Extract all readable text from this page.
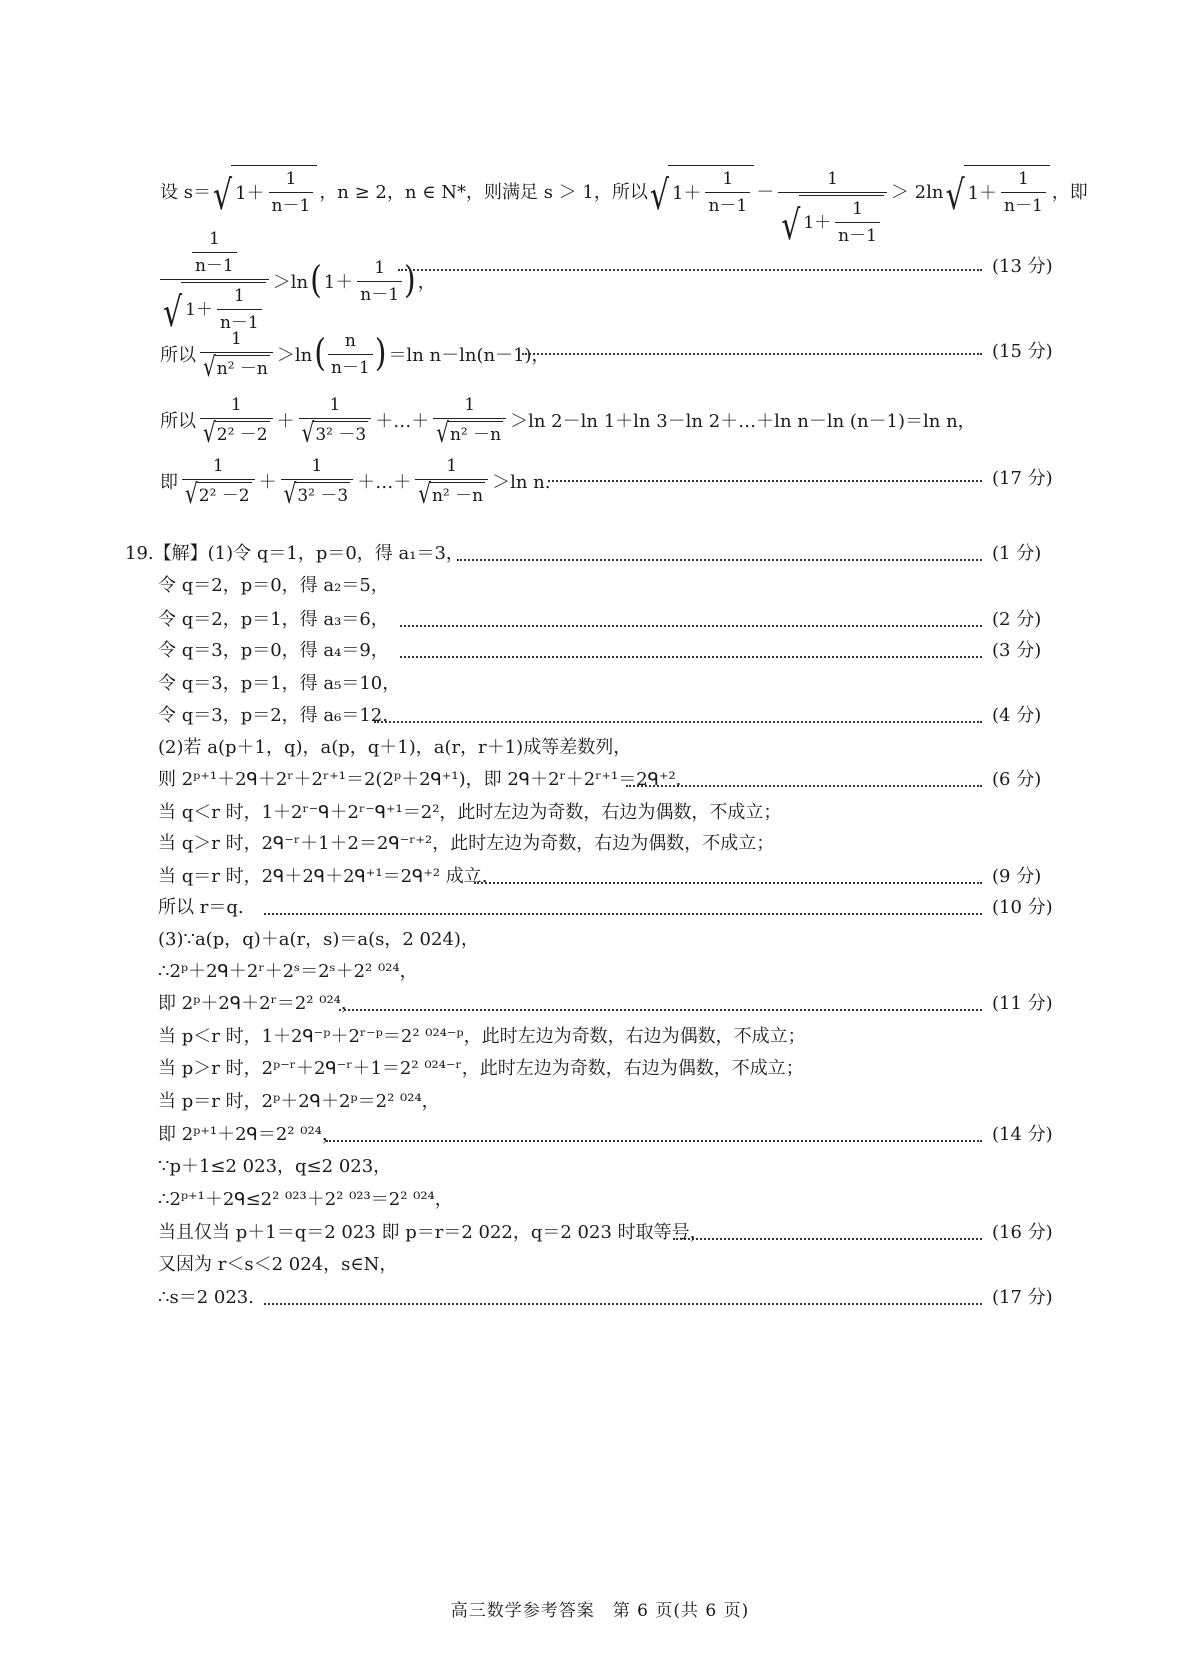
设 s＝ √ $1+ \frac{1}{n-1}$ ，n ≥ 2，n ∈ N*，则满足 s ＞ 1，所以 √ $1+ \frac{1}{n-1}$ －
1
√ $1+ \frac{1}{n-1}$
＞ 2ln √ $1+ \frac{1}{n-1}$ ，即
$\frac{1}{n-1}$
√ $1+ \frac{1}{n-1}$
＞ln ( $1+ \frac{1}{n-1}$ ) ，
(13 分)
所以 $\frac{1}{\text{√ n² －n}} >\ln$ ( $\frac{n}{n-1}$ ) ＝ln n－ln(n－1)，	(15 分)
所以 $\frac{1}{\text{√ 2² －2}} + \frac{1}{\text{√ 3² －3}}$ ＋…＋ $\frac{1}{\text{√ n² －n}} >\ln$ 2－ln 1＋ln 3－ln 2＋…＋ln n－ln (n－1)＝ln n，
即 $\frac{1}{\text{√ 2² －2}} + \frac{1}{\text{√ 3² －3}}$ ＋…＋ $\frac{1}{\text{√ n² －n}} >\ln$ n.	(17 分)
19.【解】(1)令 q＝1，p＝0，得 a₁＝3，	(1 分)
令 q＝2，p＝0，得 a₂＝5，
令 q＝2，p＝1，得 a₃＝6，	(2 分)
令 q＝3，p＝0，得 a₄＝9，	(3 分)
令 q＝3，p＝1，得 a₅＝10，
令 q＝3，p＝2，得 a₆＝12.	(4 分)
(2)若 a(p＋1，q)，a(p，q＋1)，a(r，r＋1)成等差数列，
则 2ᵖ⁺¹＋2ᑫ＋2ʳ＋2ʳ⁺¹＝2(2ᵖ＋2ᑫ⁺¹)，即 2ᑫ＋2ʳ＋2ʳ⁺¹＝2ᑫ⁺².	(6 分)
当 q＜r 时，1＋2ʳ⁻ᑫ＋2ʳ⁻ᑫ⁺¹＝2²，此时左边为奇数，右边为偶数，不成立；
当 q＞r 时，2ᑫ⁻ʳ＋1＋2＝2ᑫ⁻ʳ⁺²，此时左边为奇数，右边为偶数，不成立；
当 q＝r 时，2ᑫ＋2ᑫ＋2ᑫ⁺¹＝2ᑫ⁺² 成立.	(9 分)
所以 r＝q.	(10 分)
(3)∵a(p，q)＋a(r，s)＝a(s，2 024)，
∴2ᵖ＋2ᑫ＋2ʳ＋2ˢ＝2ˢ＋2² ⁰²⁴，
即 2ᵖ＋2ᑫ＋2ʳ＝2² ⁰²⁴，	(11 分)
当 p＜r 时，1＋2ᑫ⁻ᵖ＋2ʳ⁻ᵖ＝2² ⁰²⁴⁻ᵖ，此时左边为奇数，右边为偶数，不成立；
当 p＞r 时，2ᵖ⁻ʳ＋2ᑫ⁻ʳ＋1＝2² ⁰²⁴⁻ʳ，此时左边为奇数，右边为偶数，不成立；
当 p＝r 时，2ᵖ＋2ᑫ＋2ᵖ＝2² ⁰²⁴，
即 2ᵖ⁺¹＋2ᑫ＝2² ⁰²⁴，	(14 分)
∵p＋1≤2 023，q≤2 023，
∴2ᵖ⁺¹＋2ᑫ≤2² ⁰²³＋2² ⁰²³＝2² ⁰²⁴，
当且仅当 p＋1＝q＝2 023 即 p＝r＝2 022，q＝2 023 时取等号，	(16 分)
又因为 r＜s＜2 024，s∈N，
∴s＝2 023.	(17 分)
高三数学参考答案　第 6 页(共 6 页)
